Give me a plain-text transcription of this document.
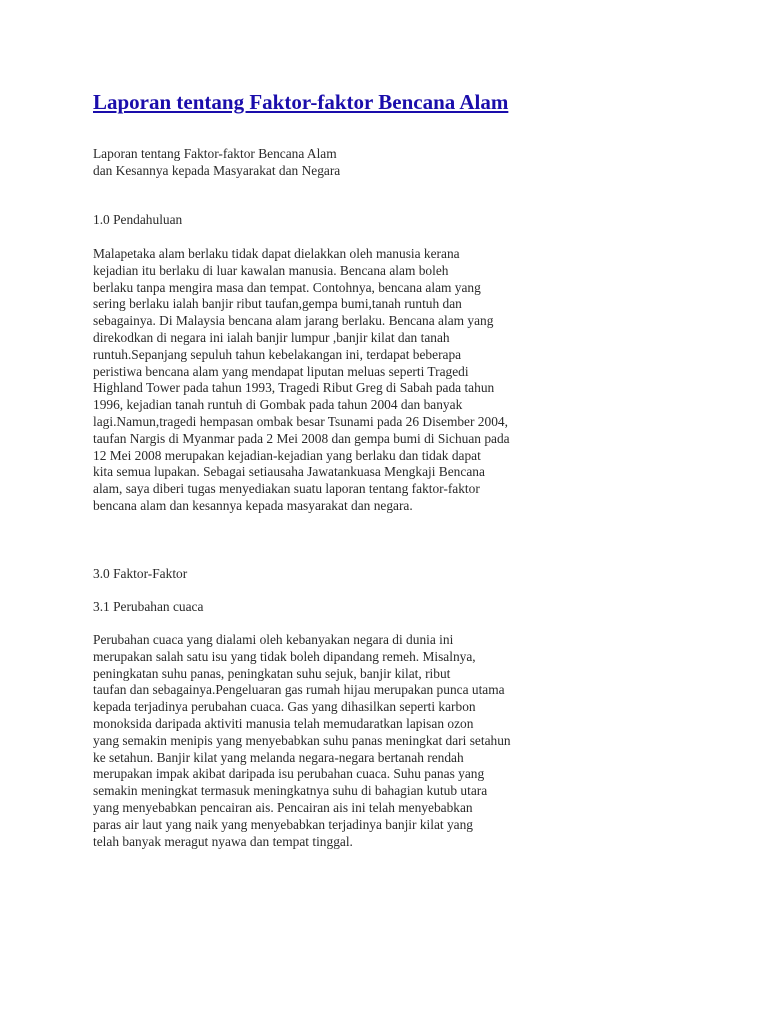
Laporan tentang Faktor-faktor Bencana Alam
Laporan tentang Faktor-faktor Bencana Alam
dan Kesannya kepada Masyarakat dan Negara
1.0 Pendahuluan
Malapetaka alam berlaku tidak dapat dielakkan oleh manusia kerana
kejadian itu berlaku di luar kawalan manusia. Bencana alam boleh
berlaku tanpa mengira masa dan tempat. Contohnya, bencana alam yang
sering berlaku ialah banjir ribut taufan,gempa bumi,tanah runtuh dan
sebagainya. Di Malaysia bencana alam jarang berlaku. Bencana alam yang
direkodkan di negara ini ialah banjir lumpur ,banjir kilat dan tanah
runtuh.Sepanjang sepuluh tahun kebelakangan ini, terdapat beberapa
peristiwa bencana alam yang mendapat liputan meluas seperti Tragedi
Highland Tower pada tahun 1993, Tragedi Ribut Greg di Sabah pada tahun
1996, kejadian tanah runtuh di Gombak pada tahun 2004 dan banyak
lagi.Namun,tragedi hempasan ombak besar Tsunami pada 26 Disember 2004,
taufan Nargis di Myanmar pada 2 Mei 2008 dan gempa bumi di Sichuan pada
12 Mei 2008 merupakan kejadian-kejadian yang berlaku dan tidak dapat
kita semua lupakan. Sebagai setiausaha Jawatankuasa Mengkaji Bencana
alam, saya diberi tugas menyediakan suatu laporan tentang faktor-faktor
bencana alam dan kesannya kepada masyarakat dan negara.
3.0 Faktor-Faktor
3.1 Perubahan cuaca
Perubahan cuaca yang dialami oleh kebanyakan negara di dunia ini
merupakan salah satu isu yang tidak boleh dipandang remeh. Misalnya,
peningkatan suhu panas, peningkatan suhu sejuk, banjir kilat, ribut
taufan dan sebagainya.Pengeluaran gas rumah hijau merupakan punca utama
kepada terjadinya perubahan cuaca. Gas yang dihasilkan seperti karbon
monoksida daripada aktiviti manusia telah memudaratkan lapisan ozon
yang semakin menipis yang menyebabkan suhu panas meningkat dari setahun
ke setahun. Banjir kilat yang melanda negara-negara bertanah rendah
merupakan impak akibat daripada isu perubahan cuaca. Suhu panas yang
semakin meningkat termasuk meningkatnya suhu di bahagian kutub utara
yang menyebabkan pencairan ais. Pencairan ais ini telah menyebabkan
paras air laut yang naik yang menyebabkan terjadinya banjir kilat yang
telah banyak meragut nyawa dan tempat tinggal.
